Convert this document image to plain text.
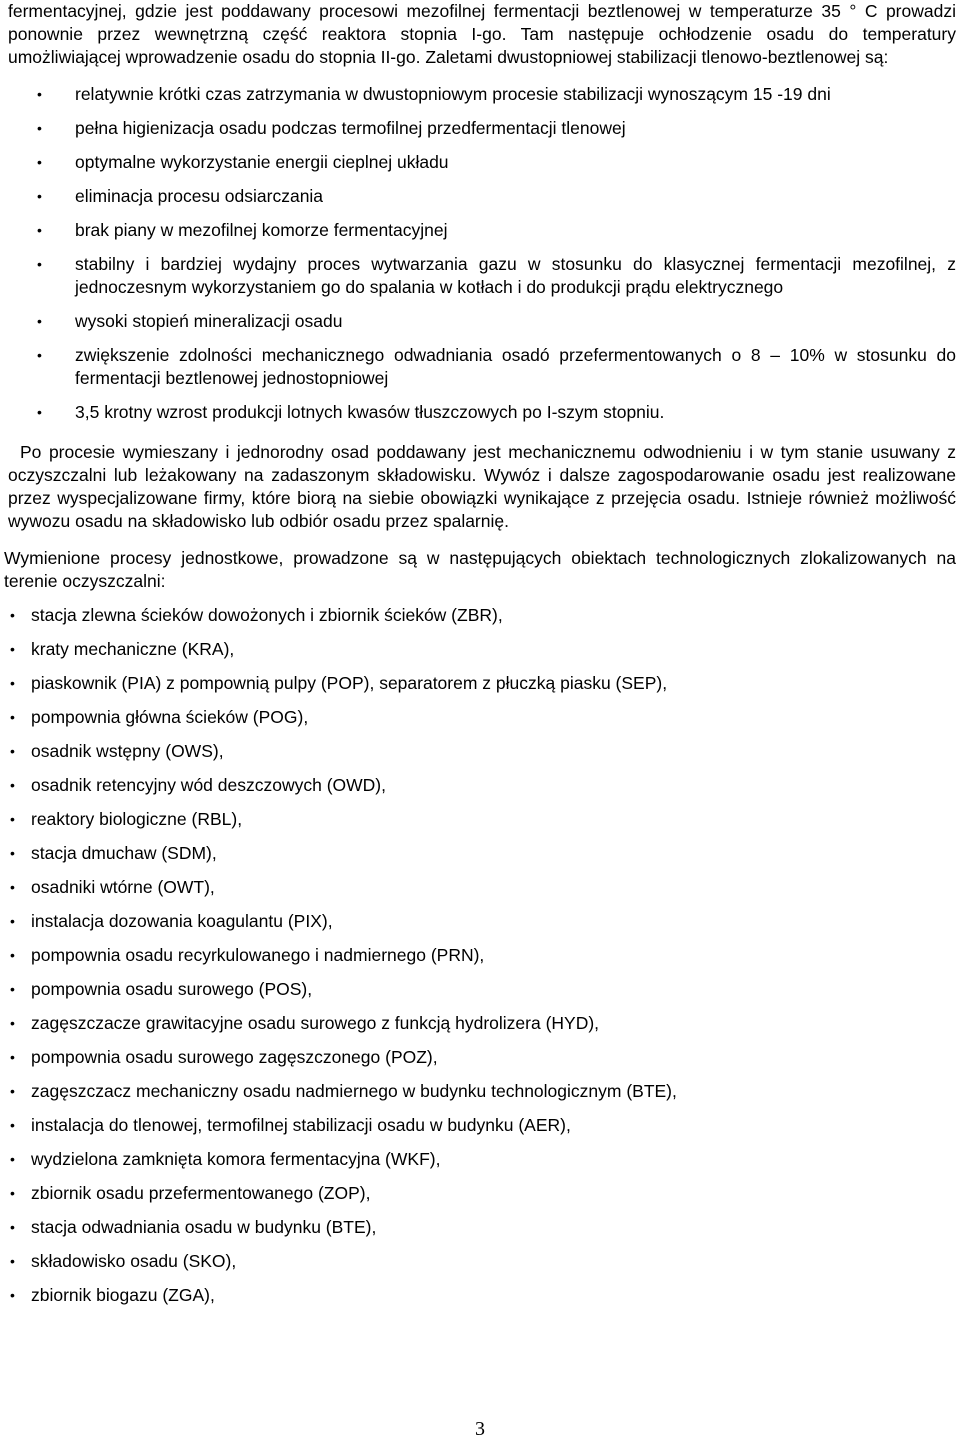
fermentacyjnej, gdzie jest poddawany procesowi mezofilnej fermentacji beztlenowej w temperaturze 35 ° C prowadzi ponownie przez wewnętrzną część reaktora stopnia I-go. Tam następuje ochłodzenie osadu do temperatury umożliwiającej wprowadzenie osadu do stopnia II-go. Zaletami dwustopniowej stabilizacji tlenowo-beztlenowej są:

• relatywnie krótki czas zatrzymania w dwustopniowym procesie stabilizacji wynoszącym 15 -19 dni
• pełna higienizacja osadu podczas termofilnej przedfermentacji tlenowej
• optymalne wykorzystanie energii cieplnej układu
• eliminacja procesu odsiarczania
• brak piany w mezofilnej komorze fermentacyjnej
• stabilny i bardziej wydajny proces wytwarzania gazu w stosunku do klasycznej fermentacji mezofilnej, z jednoczesnym wykorzystaniem go do spalania w kotłach i do produkcji prądu elektrycznego
• wysoki stopień mineralizacji osadu
• zwiększenie zdolności mechanicznego odwadniania osadó przefermentowanych o 8 – 10% w stosunku do fermentacji beztlenowej jednostopniowej
• 3,5 krotny wzrost produkcji lotnych kwasów tłuszczowych po I-szym stopniu.

Po procesie wymieszany i jednorodny osad poddawany jest mechanicznemu odwodnieniu i w tym stanie usuwany z oczyszczalni lub leżakowany na zadaszonym składowisku. Wywóz i dalsze zagospodarowanie osadu jest realizowane przez wyspecjalizowane firmy, które biorą na siebie obowiązki wynikające z przejęcia osadu. Istnieje również możliwość wywozu osadu na składowisko lub odbiór osadu przez spalarnię.

Wymienione procesy jednostkowe, prowadzone są w następujących obiektach technologicznych zlokalizowanych na terenie oczyszczalni:

• stacja zlewna ścieków dowożonych i zbiornik ścieków (ZBR),
• kraty mechaniczne (KRA),
• piaskownik (PIA) z pompownią pulpy (POP), separatorem z płuczką piasku (SEP),
• pompownia główna ścieków (POG),
• osadnik wstępny (OWS),
• osadnik retencyjny wód deszczowych (OWD),
• reaktory biologiczne (RBL),
• stacja dmuchaw (SDM),
• osadniki wtórne (OWT),
• instalacja dozowania koagulantu (PIX),
• pompownia osadu recyrkulowanego i nadmiernego (PRN),
• pompownia osadu surowego (POS),
• zagęszczacze grawitacyjne osadu surowego z funkcją hydrolizera (HYD),
• pompownia osadu surowego zagęszczonego (POZ),
• zagęszczacz mechaniczny osadu nadmiernego w budynku technologicznym (BTE),
• instalacja do tlenowej, termofilnej stabilizacji osadu w budynku (AER),
• wydzielona zamknięta komora fermentacyjna (WKF),
• zbiornik osadu przefermentowanego (ZOP),
• stacja odwadniania osadu w budynku (BTE),
• składowisko osadu (SKO),
• zbiornik biogazu (ZGA),
3
